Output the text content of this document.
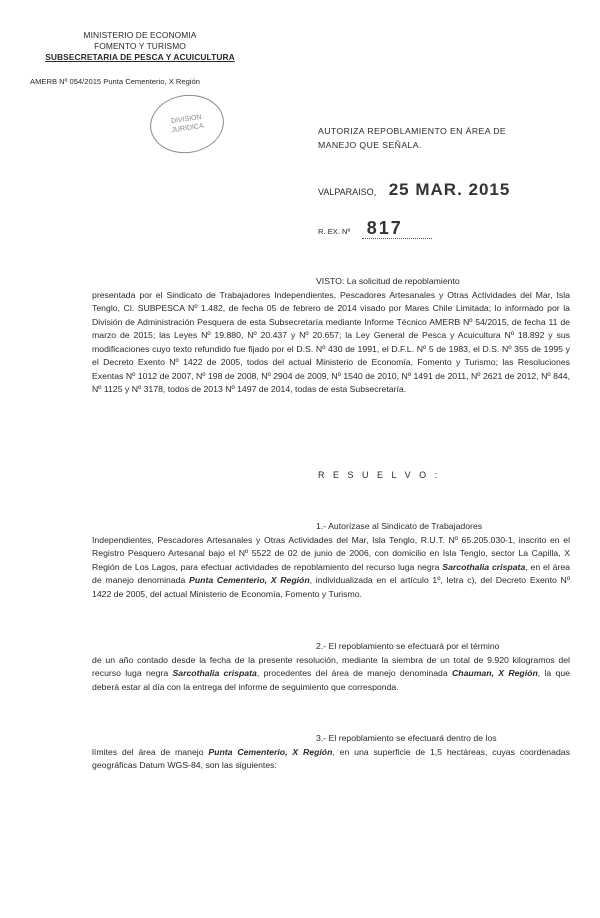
MINISTERIO DE ECONOMIA
FOMENTO Y TURISMO
SUBSECRETARIA DE PESCA Y ACUICULTURA
AMERB Nº 054/2015 Punta Cementerio, X Región
DIVISION
JURIDICA	AUTORIZA REPOBLAMIENTO EN ÁREA DE
MANEJO QUE SEÑALA.
VALPARAISO, 25 MAR. 2015
R. EX. Nº 817
VISTO: La solicitud de repoblamiento
presentada por el Sindicato de Trabajadores Independientes, Pescadores Artesanales y Otras Actividades del Mar, Isla Tenglo, Cl. SUBPESCA Nº 1.482, de fecha 05 de febrero de 2014 visado por Mares Chile Limitada; lo informado por la División de Administración Pesquera de esta Subsecretaría mediante Informe Técnico AMERB Nº 54/2015, de fecha 11 de marzo de 2015; las Leyes Nº 19.880, Nº 20.437 y Nº 20.657; la Ley General de Pesca y Acuicultura Nº 18.892 y sus modificaciones cuyo texto refundido fue fijado por el D.S. Nº 430 de 1991, el D.F.L. Nº 5 de 1983, el D.S. Nº 355 de 1995 y el Decreto Exento Nº 1422 de 2005, todos del actual Ministerio de Economía, Fomento y Turismo; las Resoluciones Exentas Nº 1012 de 2007, Nº 198 de 2008, Nº 2904 de 2009, Nº 1540 de 2010, Nº 1491 de 2011, Nº 2621 de 2012, Nº 844, Nº 1125 y Nº 3178, todos de 2013 Nº 1497 de 2014, todas de esta Subsecretaría.
R E S U E L V O :
1.- Autorízase al Sindicato de Trabajadores
Independientes, Pescadores Artesanales y Otras Actividades del Mar, Isla Tenglo, R.U.T. Nº 65.205.030-1, inscrito en el Registro Pesquero Artesanal bajo el Nº 5522 de 02 de junio de 2006, con domicilio en Isla Tenglo, sector La Capilla, X Región de Los Lagos, para efectuar actividades de repoblamiento del recurso luga negra Sarcothalia crispata, en el área de manejo denominada Punta Cementerio, X Región, individualizada en el artículo 1º, letra c), del Decreto Exento Nº 1422 de 2005, del actual Ministerio de Economía, Fomento y Turismo.
2.- El repoblamiento se efectuará por el término
de un año contado desde la fecha de la presente resolución, mediante la siembra de un total de 9.920 kilogramos del recurso luga negra Sarcothalia crispata, procedentes del área de manejo denominada Chauman, X Región, la que deberá estar al día con la entrega del informe de seguimiento que corresponda.
3.- El repoblamiento se efectuará dentro de los
límites del área de manejo Punta Cementerio, X Región, en una superficie de 1,5 hectáreas, cuyas coordenadas geográficas Datum WGS-84, son las siguientes:
